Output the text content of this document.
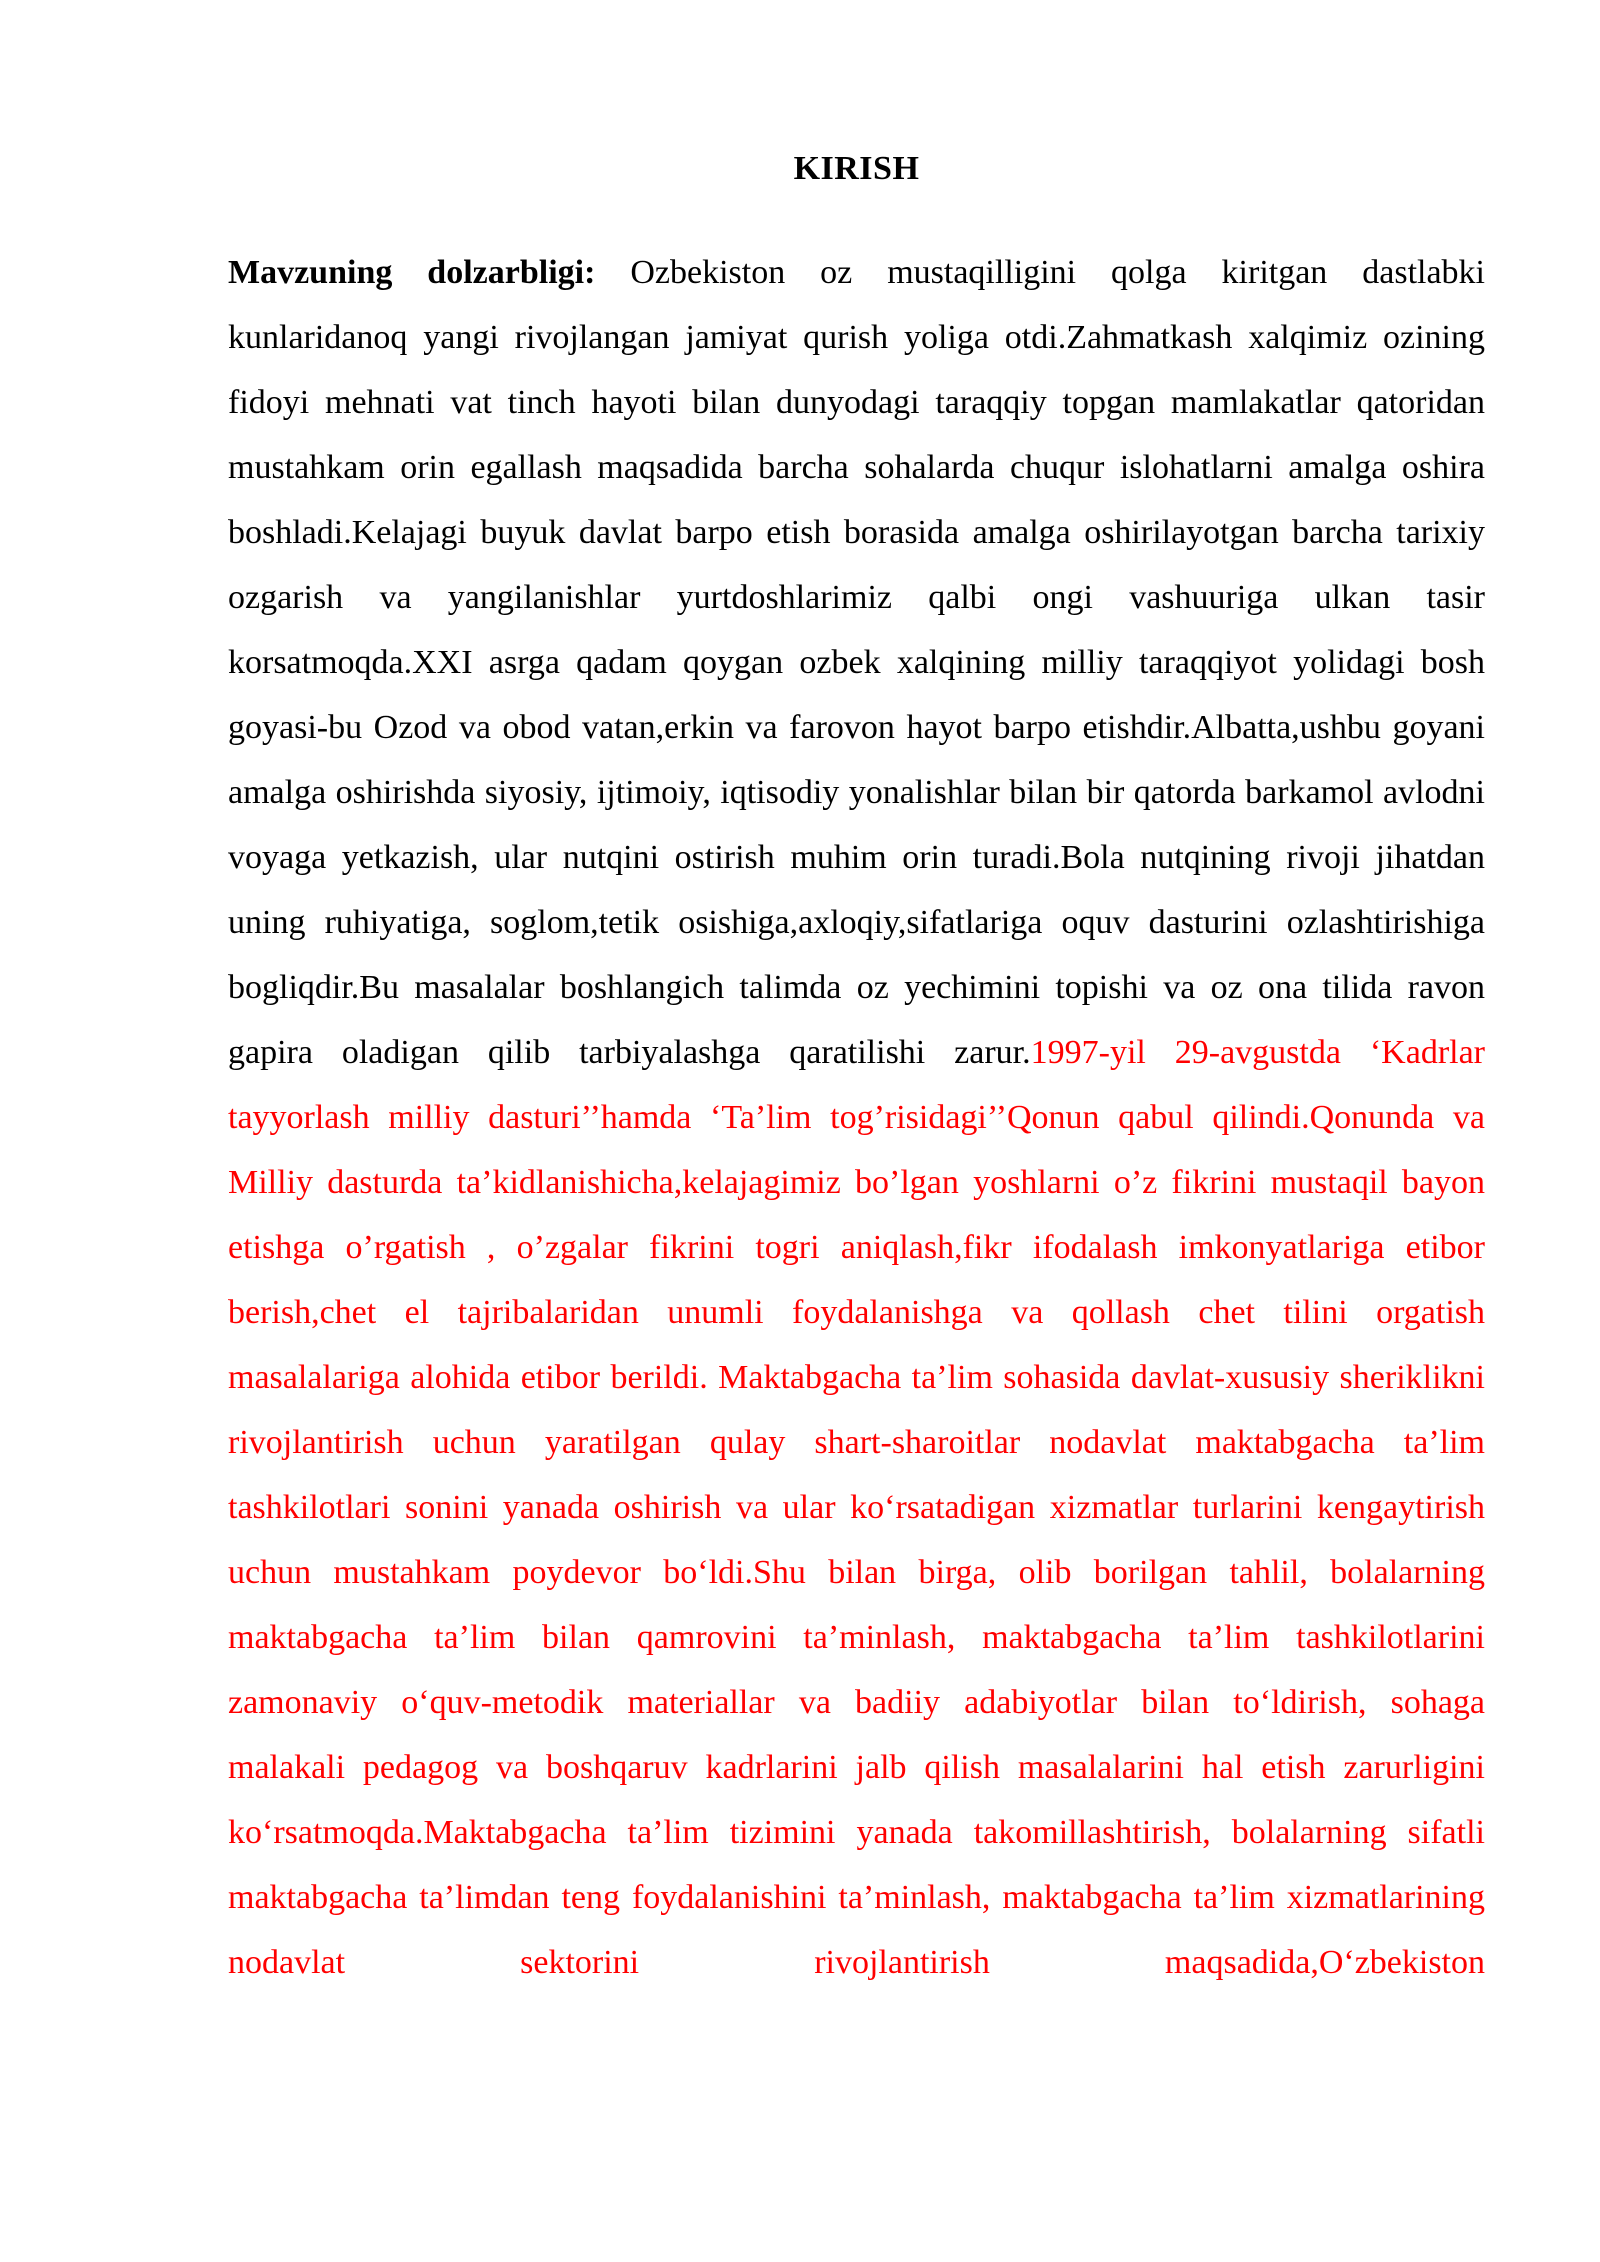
KIRISH

Mavzuning dolzarbligi: Ozbekiston oz mustaqilligini qolga kiritgan dastlabki kunlaridanoq yangi rivojlangan jamiyat qurish yoliga otdi.Zahmatkash xalqimiz ozining fidoyi mehnati vat tinch hayoti bilan dunyodagi taraqqiy topgan mamlakatlar qatoridan mustahkam orin egallash maqsadida barcha sohalarda chuqur islohatlarni amalga oshira boshladi.Kelajagi buyuk davlat barpo etish borasida amalga oshirilayotgan barcha tarixiy ozgarish va yangilanishlar yurtdoshlarimiz qalbi ongi vashuuriga ulkan tasir korsatmoqda.XXI asrga qadam qoygan ozbek xalqining milliy taraqqiyot yolidagi bosh goyasi-bu Ozod va obod vatan,erkin va farovon hayot barpo etishdir.Albatta,ushbu goyani amalga oshirishda siyosiy, ijtimoiy, iqtisodiy yonalishlar bilan bir qatorda barkamol avlodni voyaga yetkazish, ular nutqini ostirish muhim orin turadi.Bola nutqining rivoji jihatdan uning ruhiyatiga, soglom,tetik osishiga,axloqiy,sifatlariga oquv dasturini ozlashtirishiga bogliqdir.Bu masalalar boshlangich talimda oz yechimini topishi va oz ona tilida ravon gapira oladigan qilib tarbiyalashga qaratilishi zarur.1997-yil 29-avgustda ‘Kadrlar tayyorlash milliy dasturi’’hamda ‘Ta’lim tog’risidagi’’Qonun qabul qilindi.Qonunda va Milliy dasturda ta’kidlanishicha,kelajagimiz bo’lgan yoshlarni o’z fikrini mustaqil bayon etishga o’rgatish , o’zgalar fikrini togri aniqlash,fikr ifodalash imkonyatlariga etibor berish,chet el tajribalaridan unumli foydalanishga va qollash chet tilini orgatish masalalariga alohida etibor berildi. Maktabgacha ta’lim sohasida davlat-xususiy sheriklikni rivojlantirish uchun yaratilgan qulay shart-sharoitlar nodavlat maktabgacha ta’lim tashkilotlari sonini yanada oshirish va ular ko‘rsatadigan xizmatlar turlarini kengaytirish uchun mustahkam poydevor bo‘ldi.Shu bilan birga, olib borilgan tahlil, bolalarning maktabgacha ta’lim bilan qamrovini ta’minlash, maktabgacha ta’lim tashkilotlarini zamonaviy o‘quv-metodik materiallar va badiiy adabiyotlar bilan to‘ldirish, sohaga malakali pedagog va boshqaruv kadrlarini jalb qilish masalalarini hal etish zarurligini ko‘rsatmoqda.Maktabgacha ta’lim tizimini yanada takomillashtirish, bolalarning sifatli maktabgacha ta’limdan teng foydalanishini ta’minlash, maktabgacha ta’lim xizmatlarining nodavlat sektorini rivojlantirish maqsadida,O‘zbekiston
